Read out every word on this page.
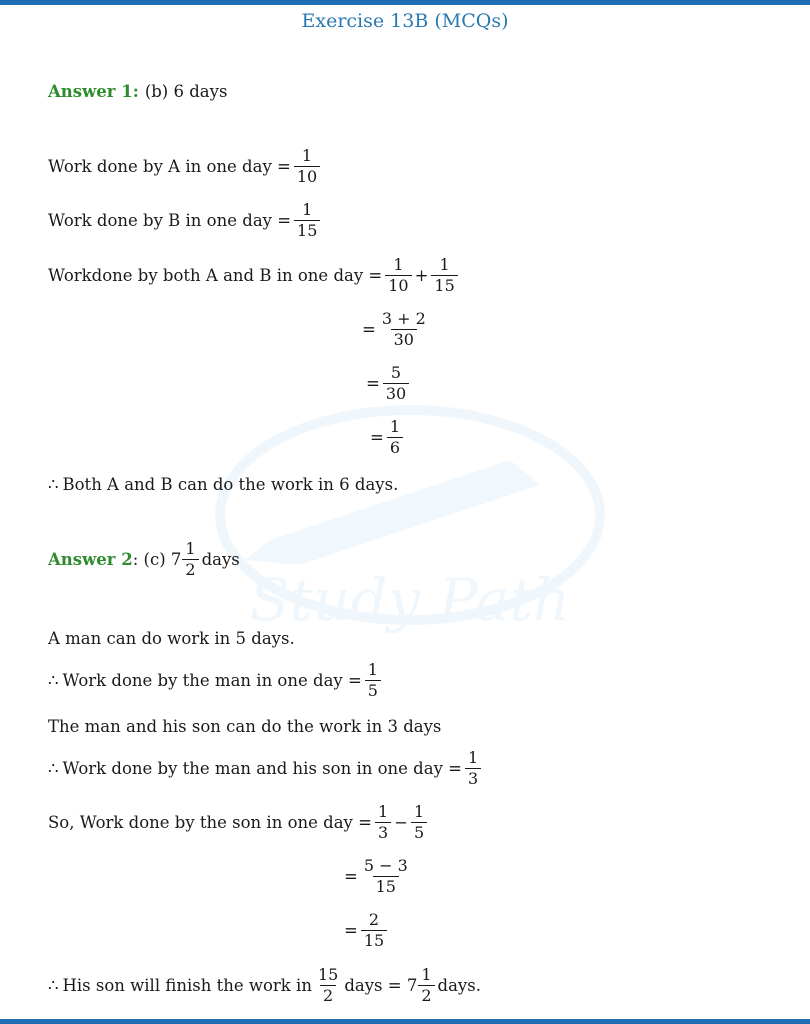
Exercise 13B (MCQs)
Study Path
Answer 1: (b) 6 days
Work done by A in one day = $\frac{1}{10}$
Work done by B in one day = $\frac{1}{15}$
Workdone by both A and B in one day = $\frac{1}{10} + \frac{1}{15}$
= $\frac{3 + 2}{30}$
= $\frac{5}{30}$
= $\frac{1}{6}$
∴ Both A and B can do the work in 6 days.
Answer 2 : (c) $7 \frac{1}{2}$ days
A man can do work in 5 days.
∴ Work done by the man in one day = $\frac{1}{5}$
The man and his son can do the work in 3 days
∴ Work done by the man and his son in one day = $\frac{1}{3}$
So, Work done by the son in one day = $\frac{1}{3} - \frac{1}{5}$
= $\frac{5 - 3}{15}$
= $\frac{2}{15}$
∴ His son will finish the work in $\frac{15}{2}$ days = $7 \frac{1}{2}$ days.
